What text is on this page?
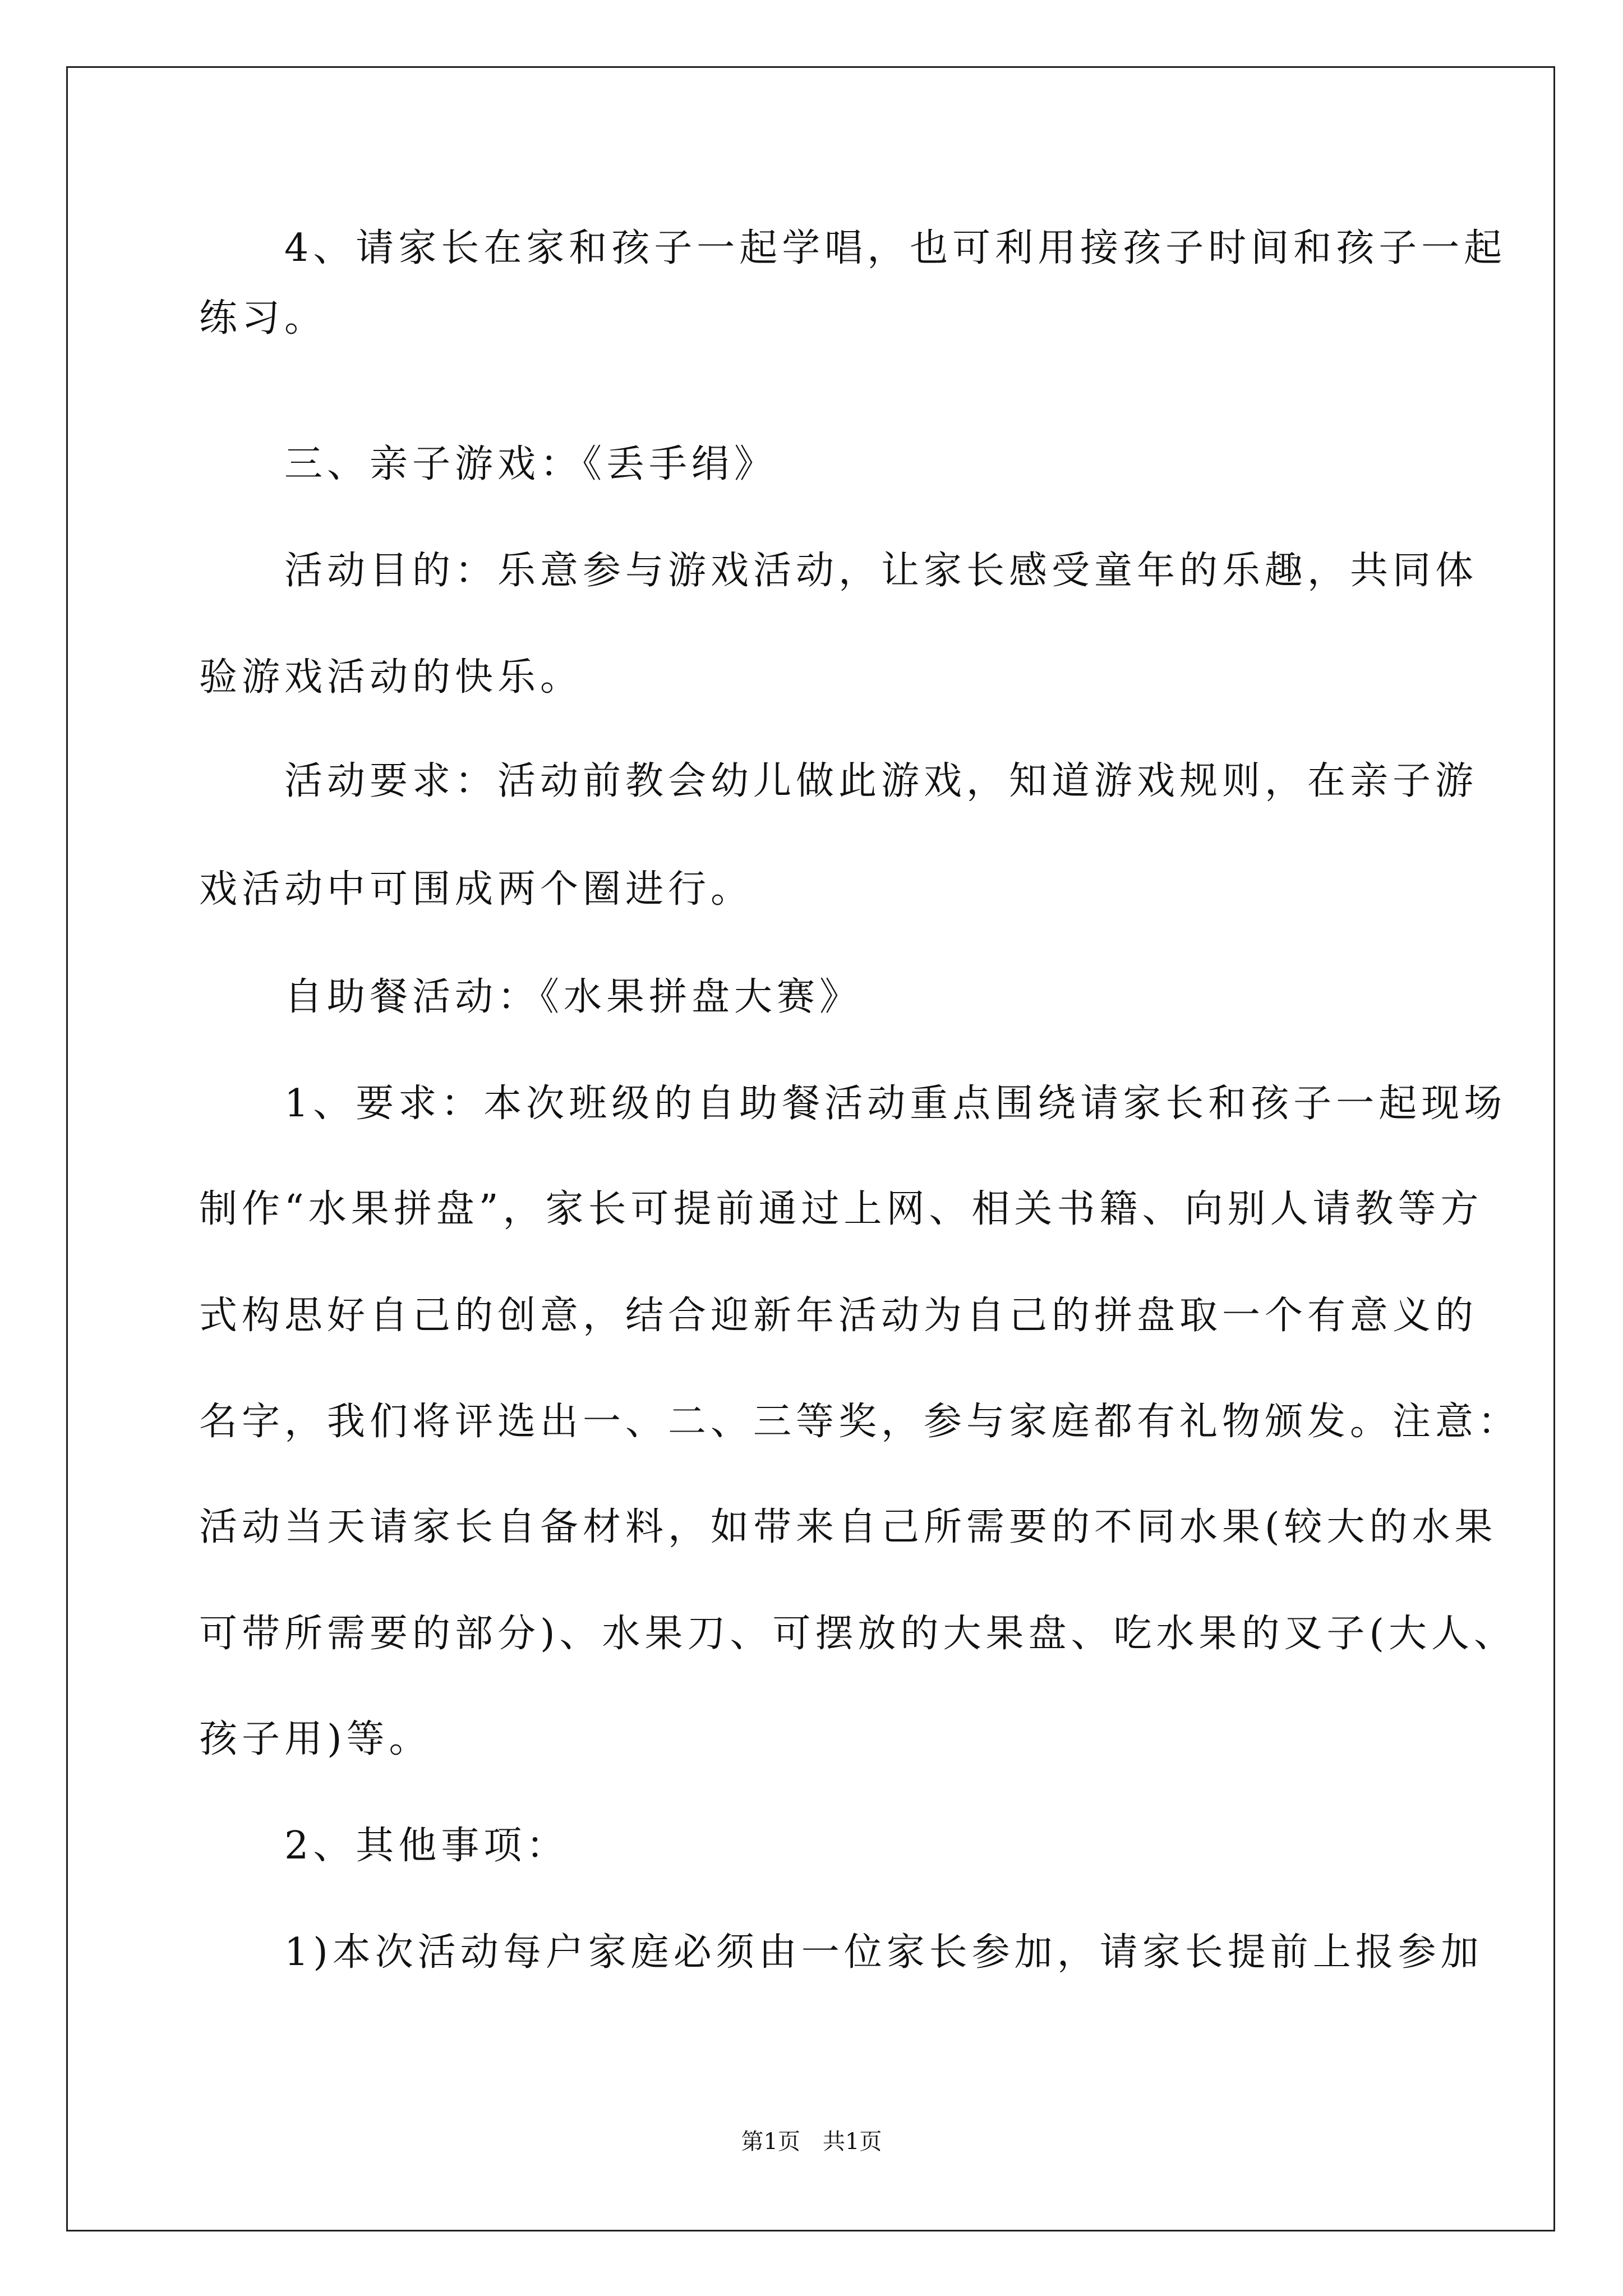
　　4、请家长在家和孩子一起学唱，也可利用接孩子时间和孩子一起
练习。
　　三、亲子游戏：《丢手绢》
　　活动目的：乐意参与游戏活动，让家长感受童年的乐趣，共同体
验游戏活动的快乐。
　　活动要求：活动前教会幼儿做此游戏，知道游戏规则，在亲子游
戏活动中可围成两个圈进行。
　　自助餐活动：《水果拼盘大赛》
　　1、要求：本次班级的自助餐活动重点围绕请家长和孩子一起现场
制作“水果拼盘”，家长可提前通过上网、相关书籍、向别人请教等方
式构思好自己的创意，结合迎新年活动为自己的拼盘取一个有意义的
名字，我们将评选出一、二、三等奖，参与家庭都有礼物颁发。注意：
活动当天请家长自备材料，如带来自己所需要的不同水果(较大的水果
可带所需要的部分)、水果刀、可摆放的大果盘、吃水果的叉子(大人、
孩子用)等。
　　2、其他事项：
　　1)本次活动每户家庭必须由一位家长参加，请家长提前上报参加
第1页　共1页
